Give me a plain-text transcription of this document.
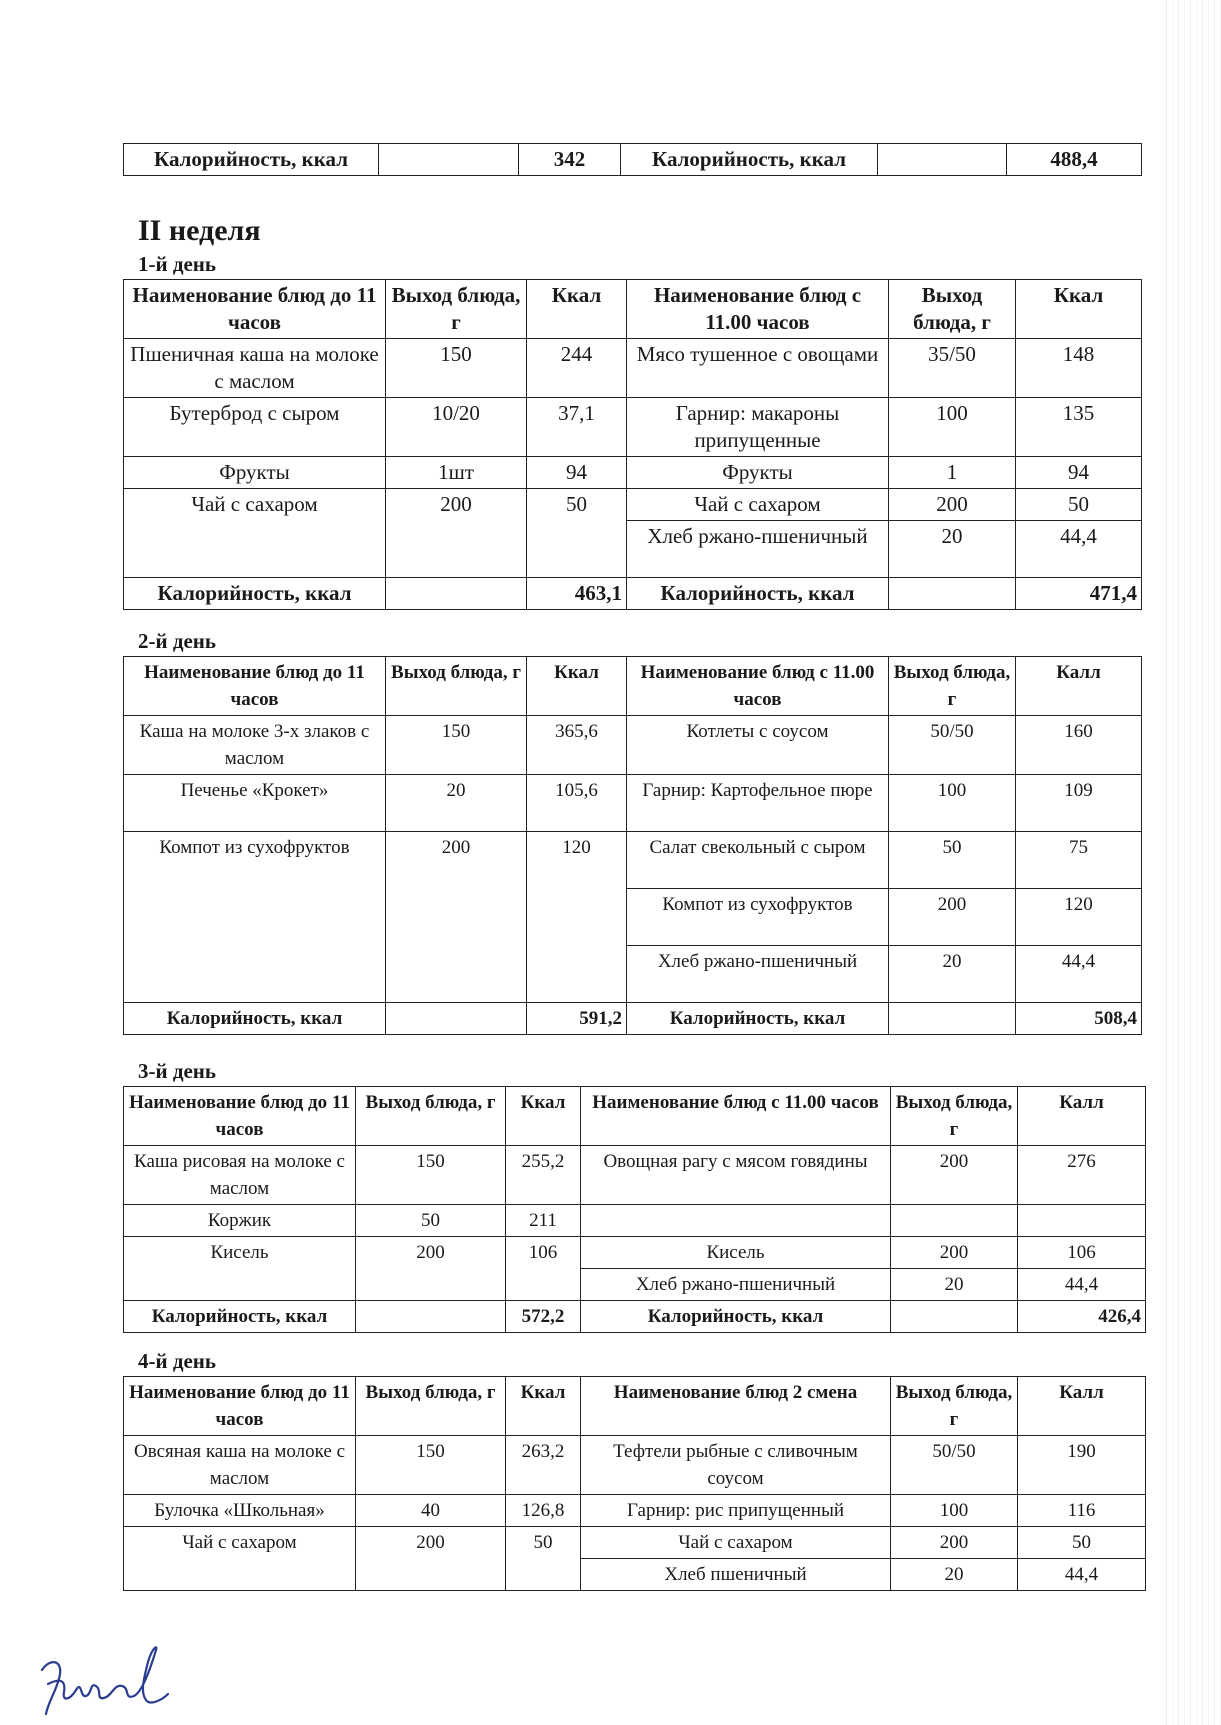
Калорийность, ккал		342	Калорийность, ккал		488,4
II неделя
1-й день
Наименование блюд до 11 часов	Выход блюда, г	Ккал	Наименование блюд с 11.00 часов	Выход блюда, г	Ккал
Пшеничная каша на молоке с маслом	150	244	Мясо тушенное с овощами	35/50	148
Бутерброд с сыром	10/20	37,1	Гарнир: макароны припущенные	100	135
Фрукты	1шт	94	Фрукты	1	94
Чай с сахаром	200	50	Чай с сахаром	200	50
			Хлеб ржано-пшеничный	20	44,4
Калорийность, ккал		463,1	Калорийность, ккал		471,4
2-й день
Наименование блюд до 11 часов	Выход блюда, г	Ккал	Наименование блюд с 11.00 часов	Выход блюда, г	Калл
Каша на молоке 3-х злаков с маслом	150	365,6	Котлеты с соусом	50/50	160
Печенье «Крокет»	20	105,6	Гарнир: Картофельное пюре	100	109
Компот из сухофруктов	200	120	Салат свекольный с сыром	50	75
			Компот из сухофруктов	200	120
			Хлеб ржано-пшеничный	20	44,4
Калорийность, ккал		591,2	Калорийность, ккал		508,4
3-й день
Наименование блюд до 11 часов	Выход блюда, г	Ккал	Наименование блюд с 11.00 часов	Выход блюда, г	Калл
Каша рисовая на молоке с маслом	150	255,2	Овощная рагу с мясом говядины	200	276
Коржик	50	211			
Кисель	200	106	Кисель	200	106
			Хлеб ржано-пшеничный	20	44,4
Калорийность, ккал		572,2	Калорийность, ккал		426,4
4-й день
Наименование блюд до 11 часов	Выход блюда, г	Ккал	Наименование блюд 2 смена	Выход блюда, г	Калл
Овсяная каша на молоке с маслом	150	263,2	Тефтели рыбные с сливочным соусом	50/50	190
Булочка «Школьная»	40	126,8	Гарнир: рис припущенный	100	116
Чай с сахаром	200	50	Чай с сахаром	200	50
			Хлеб пшеничный	20	44,4
